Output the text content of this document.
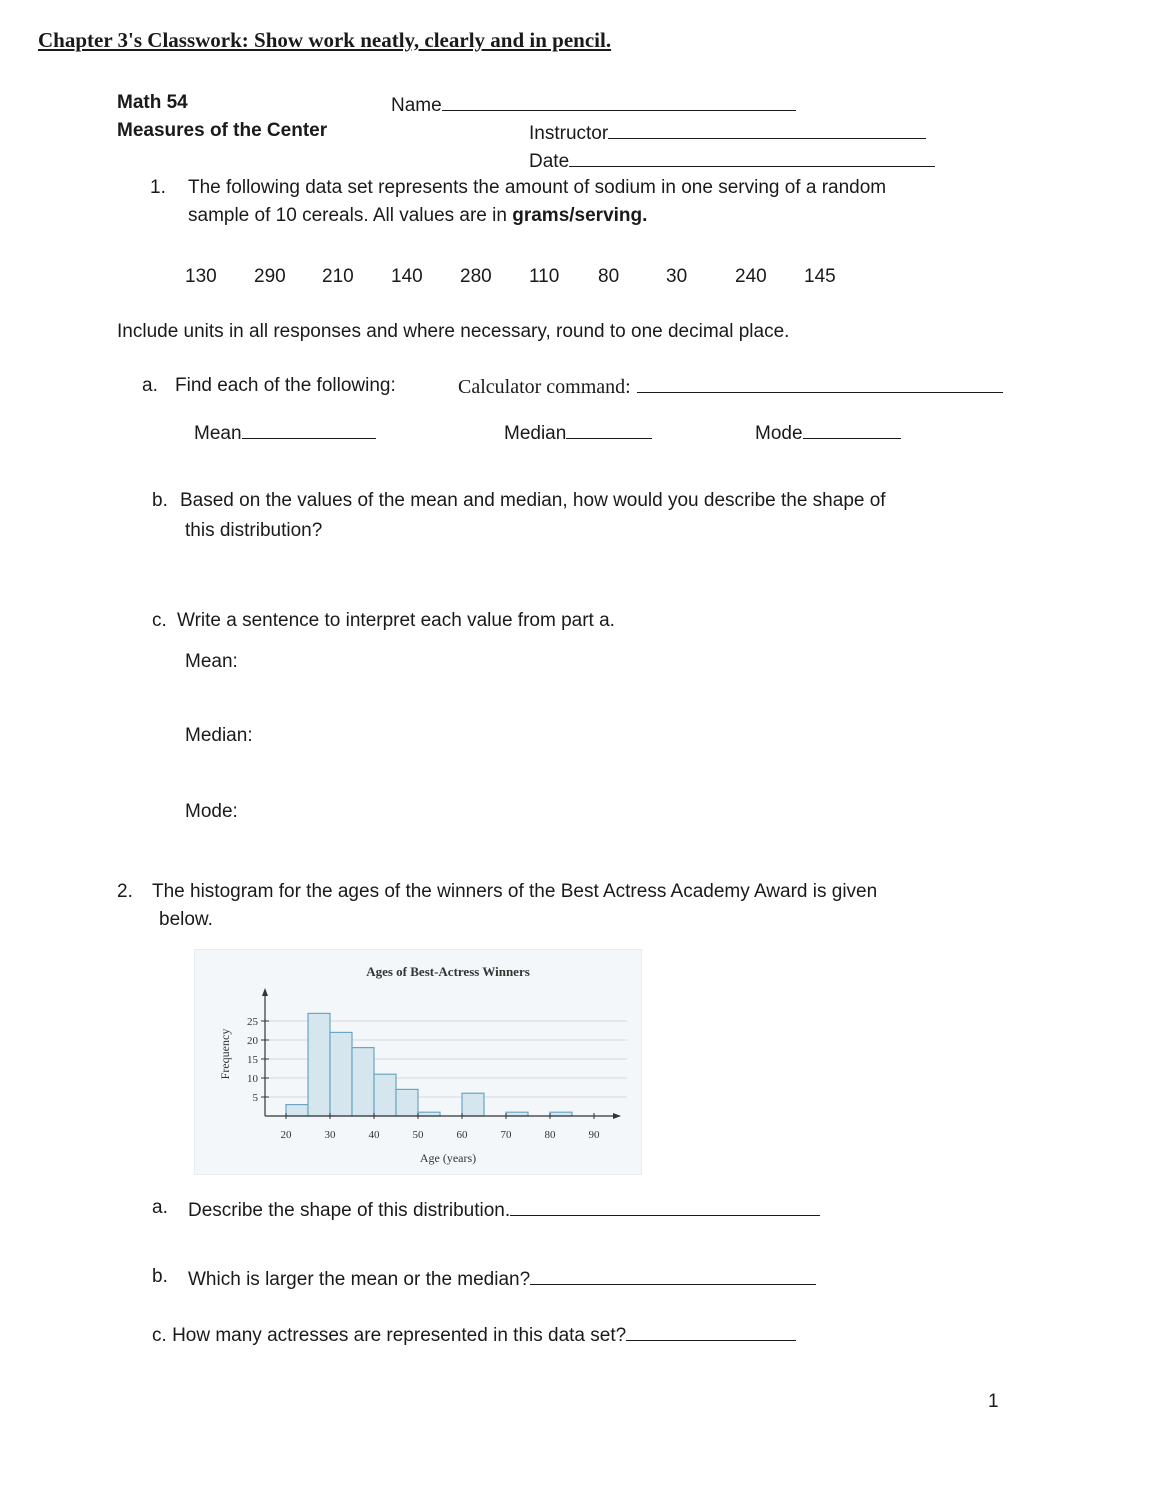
Chapter 3's Classwork: Show work neatly, clearly and in pencil.
Math 54
Measures of the Center
Name
Instructor
Date
1. The following data set represents the amount of sodium in one serving of a random
sample of 10 cereals. All values are in grams/serving.
130 290 210 140 280 110 80 30	240 145
Include units in all responses and where necessary, round to one decimal place.
a. Find each of the following:	Calculator command:
Mean	Median	Mode
b. Based on the values of the mean and median, how would you describe the shape of
this distribution?
c. Write a sentence to interpret each value from part a.
Mean:
Median:
Mode:
2. The histogram for the ages of the winners of the Best Actress Academy Award is given
below.
5
10
15
20
25
20	30	40	50	60	70	80	90
Ages of Best-Actress Winners
Age (years)
Frequency
a. Describe the shape of this distribution.
b. Which is larger the mean or the median?
c. How many actresses are represented in this data set?
1
